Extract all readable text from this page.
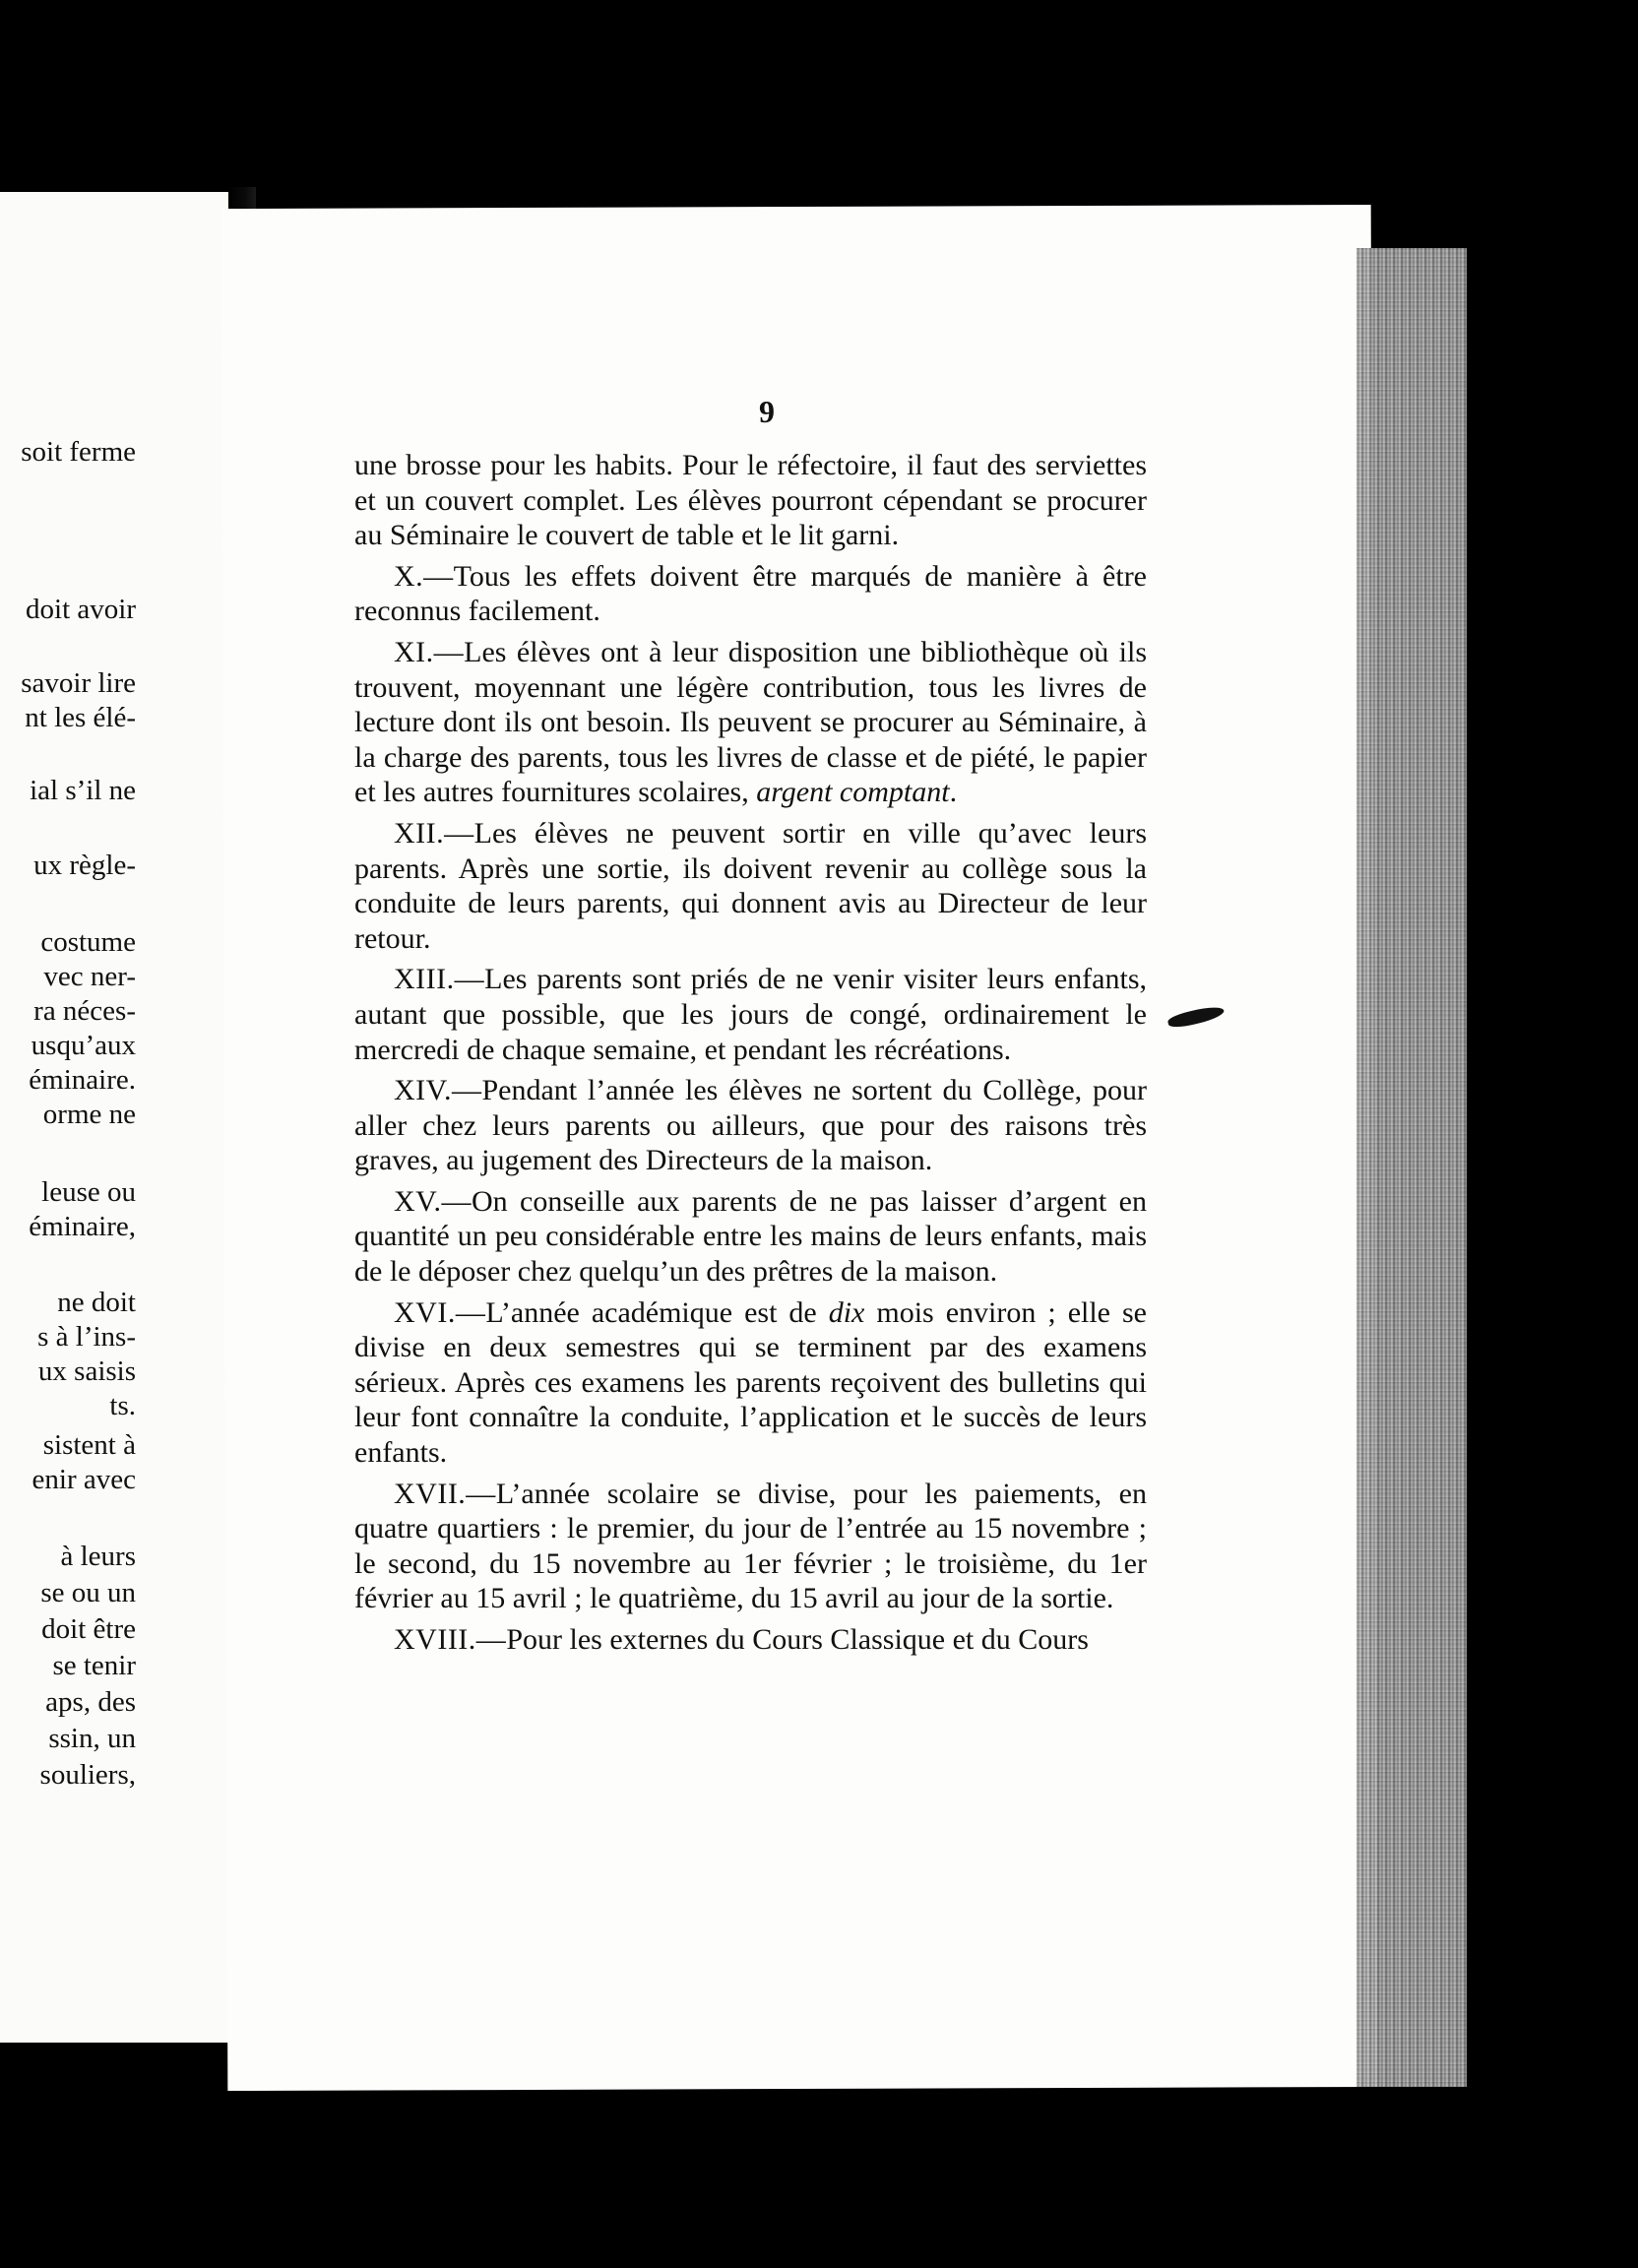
soit ferme
doit avoir
savoir lire
nt les élé-
ial s’il ne
ux règle-
costume
vec ner-
ra néces-
usqu’aux
éminaire.
orme ne
leuse ou
éminaire,
ne doit
s à l’ins-
ux saisis
ts.
sistent à
enir avec
à leurs
se ou un
doit être
se tenir
aps, des
ssin, un
souliers,
9

une brosse pour les habits. Pour le réfectoire, il faut des serviettes et un couvert complet. Les élèves pourront cépendant se procurer au Séminaire le couvert de table et le lit garni.

X.—Tous les effets doivent être marqués de manière à être reconnus facilement.

XI.—Les élèves ont à leur disposition une bibliothèque où ils trouvent, moyennant une légère contribution, tous les livres de lecture dont ils ont besoin. Ils peuvent se procurer au Séminaire, à la charge des parents, tous les livres de classe et de piété, le papier et les autres fournitures scolaires, argent comptant.

XII.—Les élèves ne peuvent sortir en ville qu’avec leurs parents. Après une sortie, ils doivent revenir au collège sous la conduite de leurs parents, qui donnent avis au Directeur de leur retour.

XIII.—Les parents sont priés de ne venir visiter leurs enfants, autant que possible, que les jours de congé, ordinairement le mercredi de chaque semaine, et pendant les récréations.

XIV.—Pendant l’année les élèves ne sortent du Collège, pour aller chez leurs parents ou ailleurs, que pour des raisons très graves, au jugement des Directeurs de la maison.

XV.—On conseille aux parents de ne pas laisser d’argent en quantité un peu considérable entre les mains de leurs enfants, mais de le déposer chez quelqu’un des prêtres de la maison.

XVI.—L’année académique est de dix mois environ ; elle se divise en deux semestres qui se terminent par des examens sérieux. Après ces examens les parents reçoivent des bulletins qui leur font connaître la conduite, l’application et le succès de leurs enfants.

XVII.—L’année scolaire se divise, pour les paiements, en quatre quartiers : le premier, du jour de l’entrée au 15 novembre ; le second, du 15 novembre au 1er février ; le troisième, du 1er février au 15 avril ; le quatrième, du 15 avril au jour de la sortie.

XVIII.—Pour les externes du Cours Classique et du Cours
